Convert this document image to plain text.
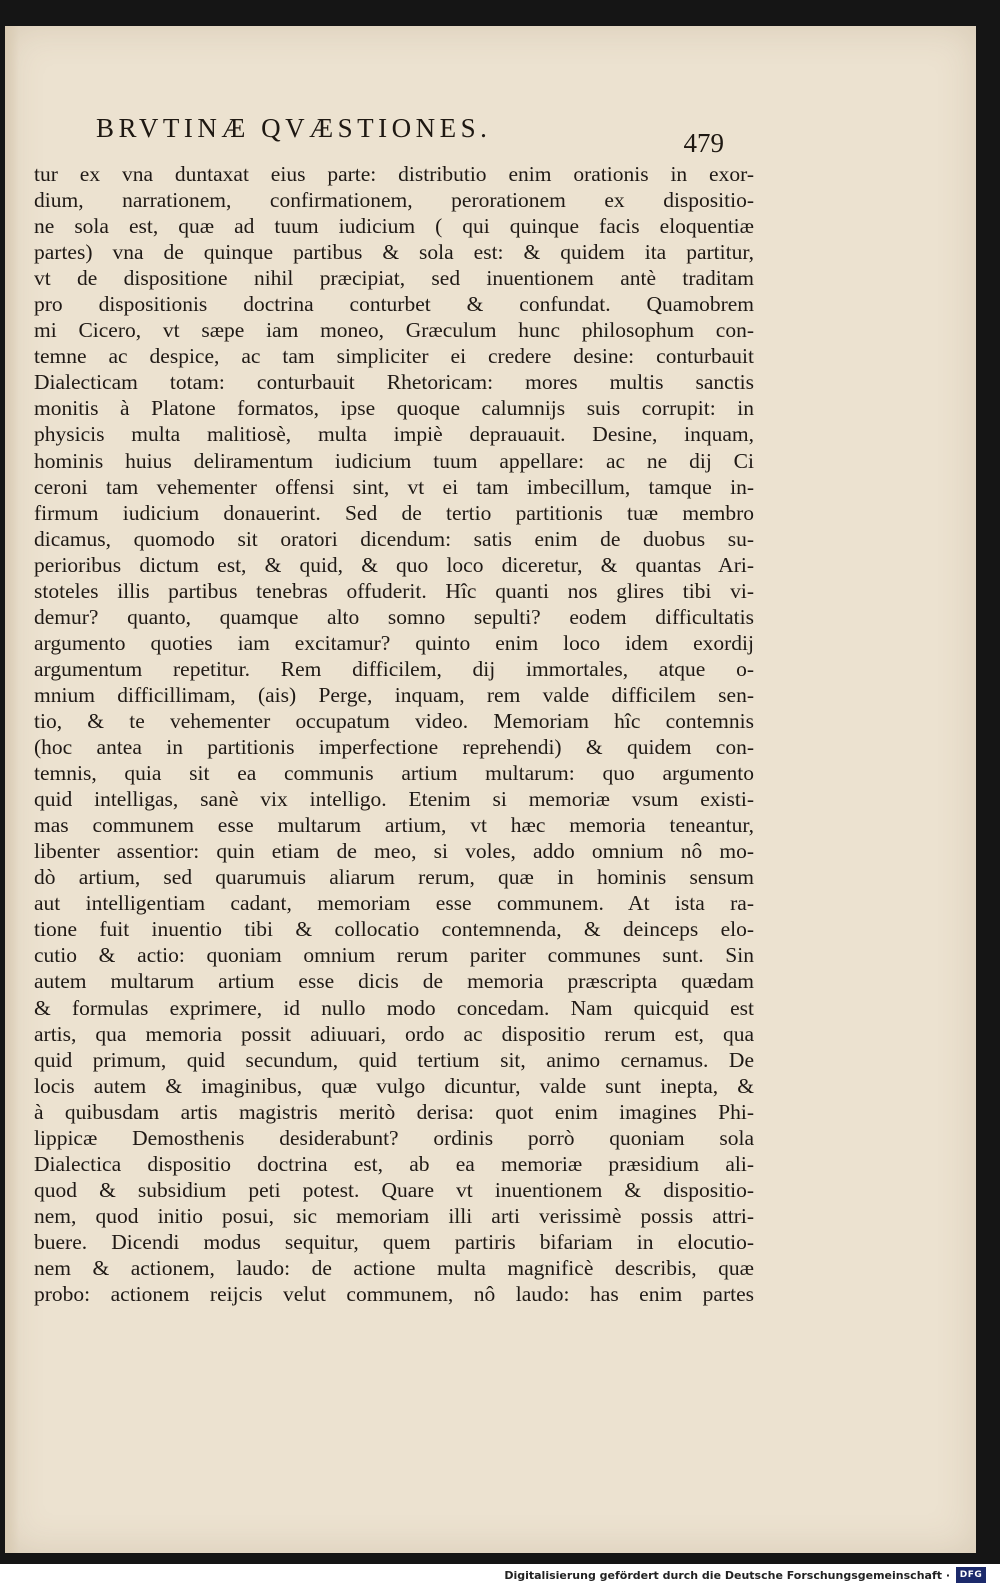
BRVTINÆ QVÆSTIONES.	479
tur ex vna duntaxat eius parte: distributio enim orationis in exor-
dium, narrationem, confirmationem, perorationem ex dispositio-
ne sola est, quæ ad tuum iudicium ( qui quinque facis eloquentiæ
partes) vna de quinque partibus & sola est: & quidem ita partitur,
vt de dispositione nihil præcipiat, sed inuentionem antè traditam
pro dispositionis doctrina conturbet & confundat. Quamobrem
mi Cicero, vt sæpe iam moneo, Græculum hunc philosophum con-
temne ac despice, ac tam simpliciter ei credere desine: conturbauit
Dialecticam totam: conturbauit Rhetoricam: mores multis sanctis
monitis à Platone formatos, ipse quoque calumnijs suis corrupit: in
physicis multa malitiosè, multa impiè deprauauit. Desine, inquam,
hominis huius deliramentum iudicium tuum appellare: ac ne dij Ci
ceroni tam vehementer offensi sint, vt ei tam imbecillum, tamque in-
firmum iudicium donauerint. Sed de tertio partitionis tuæ membro
dicamus, quomodo sit oratori dicendum: satis enim de duobus su-
perioribus dictum est, & quid, & quo loco diceretur, & quantas Ari-
stoteles illis partibus tenebras offuderit. Hîc quanti nos glires tibi vi-
demur? quanto, quamque alto somno sepulti? eodem difficultatis
argumento quoties iam excitamur? quinto enim loco idem exordij
argumentum repetitur. Rem difficilem, dij immortales, atque o-
mnium difficillimam, (ais) Perge, inquam, rem valde difficilem sen-
tio, & te vehementer occupatum video. Memoriam hîc contemnis
(hoc antea in partitionis imperfectione reprehendi) & quidem con-
temnis, quia sit ea communis artium multarum: quo argumento
quid intelligas, sanè vix intelligo. Etenim si memoriæ vsum existi-
mas communem esse multarum artium, vt hæc memoria teneantur,
libenter assentior: quin etiam de meo, si voles, addo omnium nô mo-
dò artium, sed quarumuis aliarum rerum, quæ in hominis sensum
aut intelligentiam cadant, memoriam esse communem. At ista ra-
tione fuit inuentio tibi & collocatio contemnenda, & deinceps elo-
cutio & actio: quoniam omnium rerum pariter communes sunt. Sin
autem multarum artium esse dicis de memoria præscripta quædam
& formulas exprimere, id nullo modo concedam. Nam quicquid est
artis, qua memoria possit adiuuari, ordo ac dispositio rerum est, qua
quid primum, quid secundum, quid tertium sit, animo cernamus. De
locis autem & imaginibus, quæ vulgo dicuntur, valde sunt inepta, &
à quibusdam artis magistris meritò derisa: quot enim imagines Phi-
lippicæ Demosthenis desiderabunt? ordinis porrò quoniam sola
Dialectica dispositio doctrina est, ab ea memoriæ præsidium ali-
quod & subsidium peti potest. Quare vt inuentionem & dispositio-
nem, quod initio posui, sic memoriam illi arti verissimè possis attri-
buere. Dicendi modus sequitur, quem partiris bifariam in elocutio-
nem & actionem, laudo: de actione multa magnificè describis, quæ
probo: actionem reijcis velut communem, nô laudo: has enim partes
Digitalisierung gefördert durch die Deutsche Forschungsgemeinschaft ·	DFG
